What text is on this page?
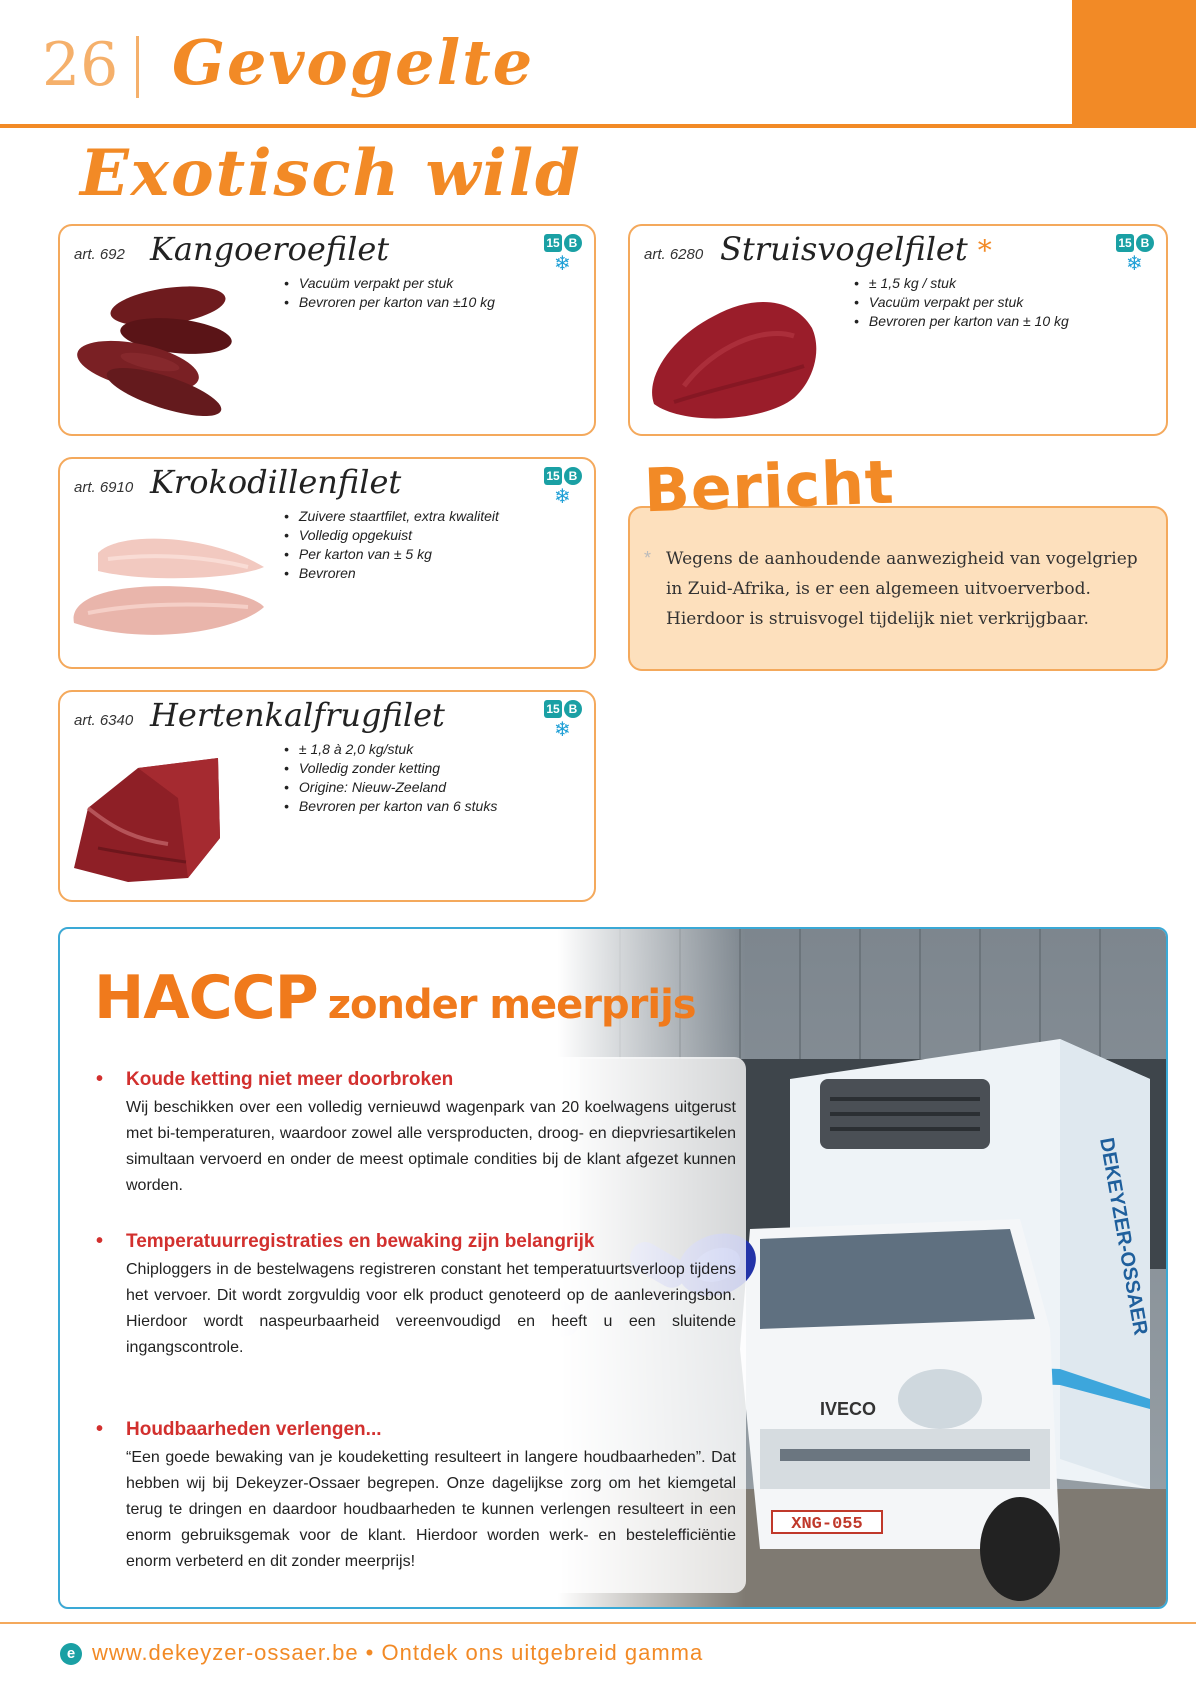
26 Gevogelte
Exotisch wild
art. 692 Kangoeroefilet
• Vacuüm verpakt per stuk
• Bevroren per karton van ±10 kg
15 B
❄	art. 6280 Struisvogelfilet *
• ± 1,5 kg / stuk
• Vacuüm verpakt per stuk
• Bevroren per karton van ± 10 kg
15 B
❄
art. 6910 Krokodillenfilet
• Zuivere staartfilet, extra kwaliteit
• Volledig opgekuist
• Per karton van ± 5 kg
• Bevroren
15 B
❄
* Wegens de aanhoudende aanwezigheid van vogelgriep in Zuid-Afrika, is er een algemeen uitvoerverbod. Hierdoor is struisvogel tijdelijk niet verkrijgbaar.
Bericht
art. 6340 Hertenkalfrugfilet
• ± 1,8 à 2,0 kg/stuk
• Volledig zonder ketting
• Origine: Nieuw-Zeeland
• Bevroren per karton van 6 stuks
15 B
❄
HACCP zonder meerprijs
• Koude ketting niet meer doorbroken
Wij beschikken over een volledig vernieuwd wagenpark van 20 koelwagens uitgerust met bi-temperaturen, waardoor zowel alle versproducten, droog- en diepvriesartikelen simultaan vervoerd en onder de meest optimale condities bij de klant afgezet kunnen worden.
• Temperatuurregistraties en bewaking zijn belangrijk
Chiploggers in de bestelwagens registreren constant het temperatuurtsverloop tijdens het vervoer. Dit wordt zorgvuldig voor elk product genoteerd op de aanleveringsbon. Hierdoor wordt naspeurbaarheid vereenvoudigd en heeft u een sluitende ingangscontrole.
• Houdbaarheden verlengen...
“Een goede bewaking van je koudeketting resulteert in langere houdbaarheden”. Dat hebben wij bij Dekeyzer-Ossaer begrepen. Onze dagelijkse zorg om het kiemgetal terug te dringen en daardoor houdbaarheden te kunnen verlengen resulteert in een enorm gebruiksgemak voor de klant. Hierdoor worden werk- en bestelefficiëntie enorm verbeterd en dit zonder meerprijs!
e www.dekeyzer-ossaer.be • Ontdek ons uitgebreid gamma
